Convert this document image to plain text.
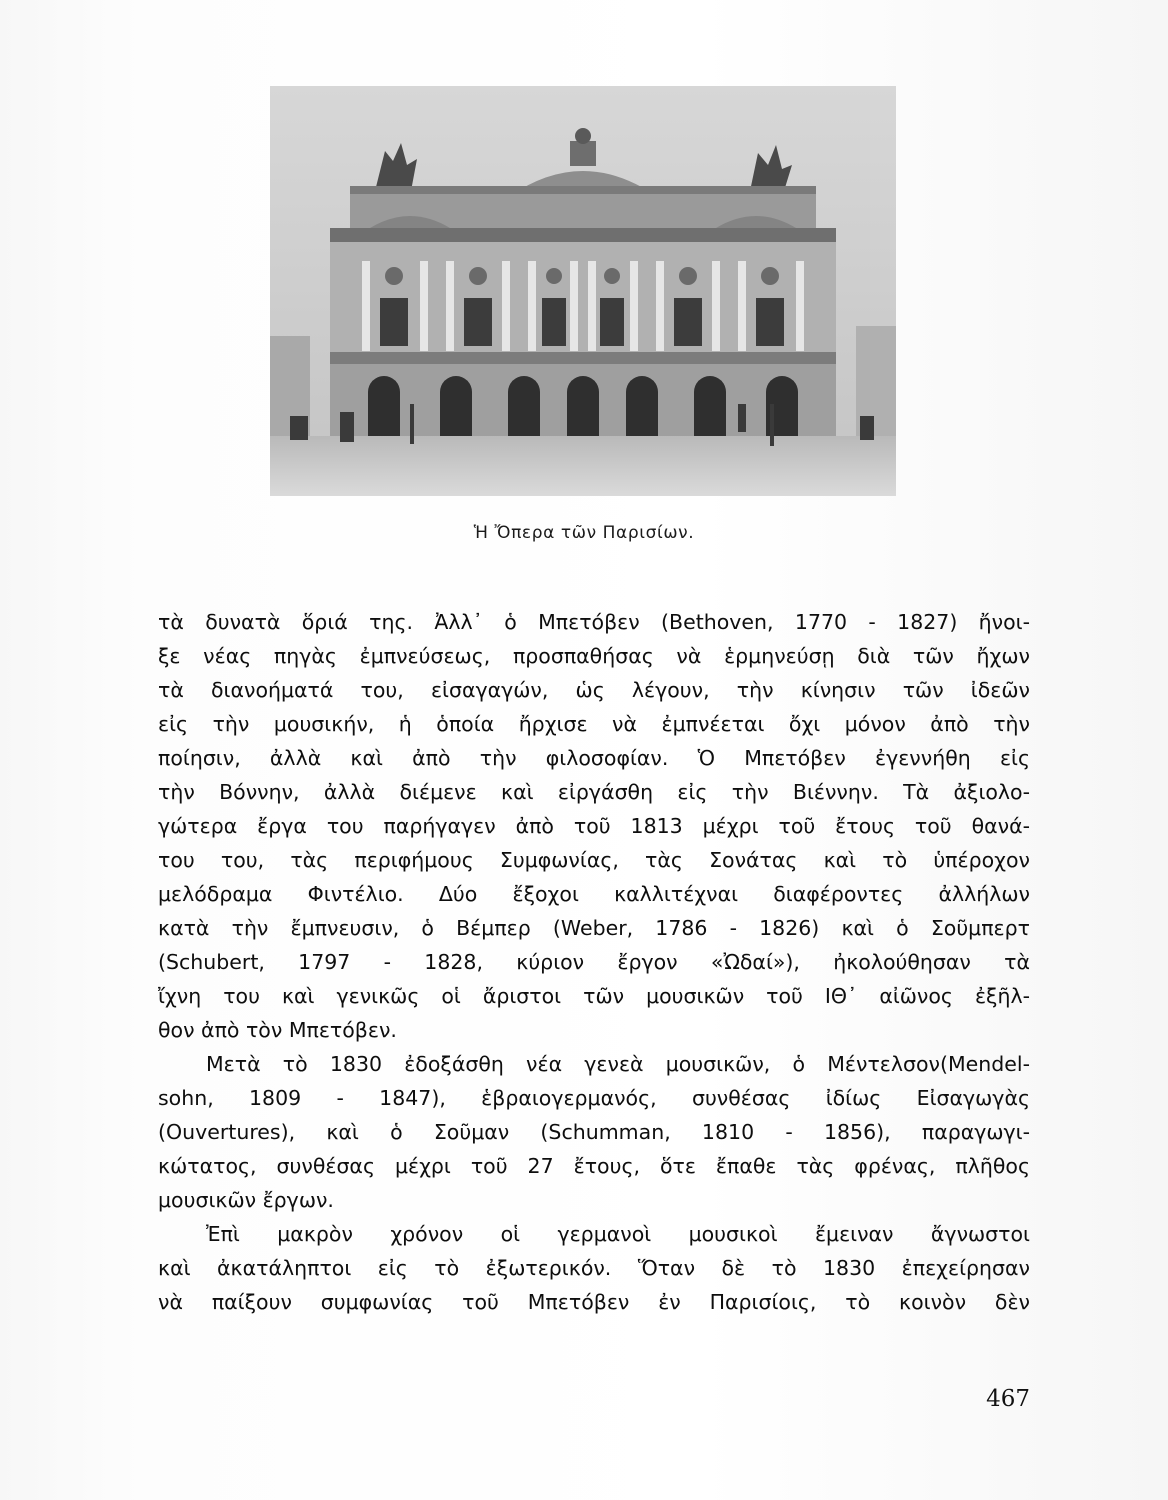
Ἡ Ὄπερα τῶν Παρισίων.
τὰ δυνατὰ ὅριά της. Ἀλλ᾽ ὁ Μπετόβεν (Bethoven, 1770 - 1827) ἤνοι-
ξε νέας πηγὰς ἐμπνεύσεως, προσπαθήσας νὰ ἑρμηνεύσῃ διὰ τῶν ἤχων
τὰ διανοήματά του, εἰσαγαγών, ὡς λέγουν, τὴν κίνησιν τῶν ἰδεῶν
εἰς τὴν μουσικήν, ἡ ὁποία ἤρχισε νὰ ἐμπνέεται ὄχι μόνον ἀπὸ τὴν
ποίησιν, ἀλλὰ καὶ ἀπὸ τὴν φιλοσοφίαν. Ὁ Μπετόβεν ἐγεννήθη εἰς
τὴν Βόννην, ἀλλὰ διέμενε καὶ εἰργάσθη εἰς τὴν Βιέννην. Τὰ ἀξιολο-
γώτερα ἔργα του παρήγαγεν ἀπὸ τοῦ 1813 μέχρι τοῦ ἔτους τοῦ θανά-
του του, τὰς περιφήμους Συμφωνίας, τὰς Σονάτας καὶ τὸ ὑπέροχον
μελόδραμα Φιντέλιο. Δύο ἔξοχοι καλλιτέχναι διαφέροντες ἀλλήλων
κατὰ τὴν ἔμπνευσιν, ὁ Βέμπερ (Weber, 1786 - 1826) καὶ ὁ Σοῦμπερτ
(Schubert, 1797 - 1828, κύριον ἔργον «Ὠδαί»), ἠκολούθησαν τὰ
ἴχνη του καὶ γενικῶς οἱ ἄριστοι τῶν μουσικῶν τοῦ ΙΘ᾽ αἰῶνος ἐξῆλ-
θον ἀπὸ τὸν Μπετόβεν.
Μετὰ τὸ 1830 ἐδοξάσθη νέα γενεὰ μουσικῶν, ὁ Μέντελσον(Mendel-
sohn, 1809 - 1847), ἑβραιογερμανός, συνθέσας ἰδίως Εἰσαγωγὰς
(Ouvertures), καὶ ὁ Σοῦμαν (Schumman, 1810 - 1856), παραγωγι-
κώτατος, συνθέσας μέχρι τοῦ 27 ἔτους, ὅτε ἔπαθε τὰς φρένας, πλῆθος
μουσικῶν ἔργων.
Ἐπὶ μακρὸν χρόνον οἱ γερμανοὶ μουσικοὶ ἔμειναν ἄγνωστοι
καὶ ἀκατάληπτοι εἰς τὸ ἐξωτερικόν. Ὅταν δὲ τὸ 1830 ἐπεχείρησαν
νὰ παίξουν συμφωνίας τοῦ Μπετόβεν ἐν Παρισίοις, τὸ κοινὸν δὲν
467
